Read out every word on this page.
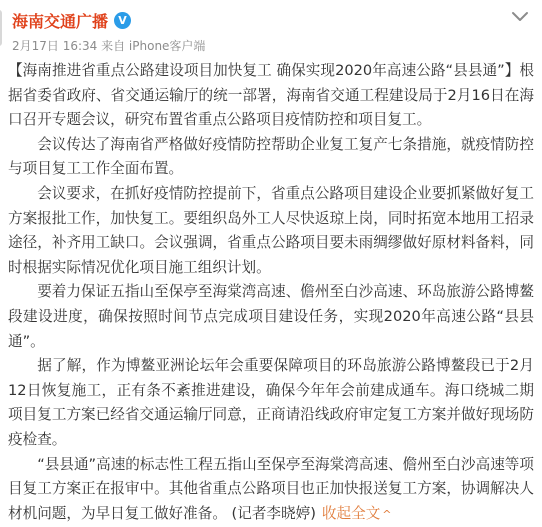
海南交通广播 V
2月17日 16:34 来自 iPhone客户端

【海南推进省重点公路建设项目加快复工 确保实现2020年高速公路“县县通”】根据省委省政府、省交通运输厅的统一部署，海南省交通工程建设局于2月16日在海口召开专题会议，研究布置省重点公路项目疫情防控和项目复工。

会议传达了海南省严格做好疫情防控帮助企业复工复产七条措施，就疫情防控与项目复工工作全面布置。

会议要求，在抓好疫情防控提前下，省重点公路项目建设企业要抓紧做好复工方案报批工作，加快复工。要组织岛外工人尽快返琼上岗，同时拓宽本地用工招录途径，补齐用工缺口。会议强调，省重点公路项目要未雨绸缪做好原材料备料，同时根据实际情况优化项目施工组织计划。

要着力保证五指山至保亭至海棠湾高速、儋州至白沙高速、环岛旅游公路博鳌段建设进度，确保按照时间节点完成项目建设任务，实现2020年高速公路“县县通”。

据了解，作为博鳌亚洲论坛年会重要保障项目的环岛旅游公路博鳌段已于2月12日恢复施工，正有条不紊推进建设，确保今年年会前建成通车。海口绕城二期项目复工方案已经省交通运输厅同意，正商请沿线政府审定复工方案并做好现场防疫检查。

“县县通”高速的标志性工程五指山至保亭至海棠湾高速、儋州至白沙高速等项目复工方案正在报审中。其他省重点公路项目也正加快报送复工方案，协调解决人材机问题，为早日复工做好准备。 (记者李晓婷) 收起全文 ^
